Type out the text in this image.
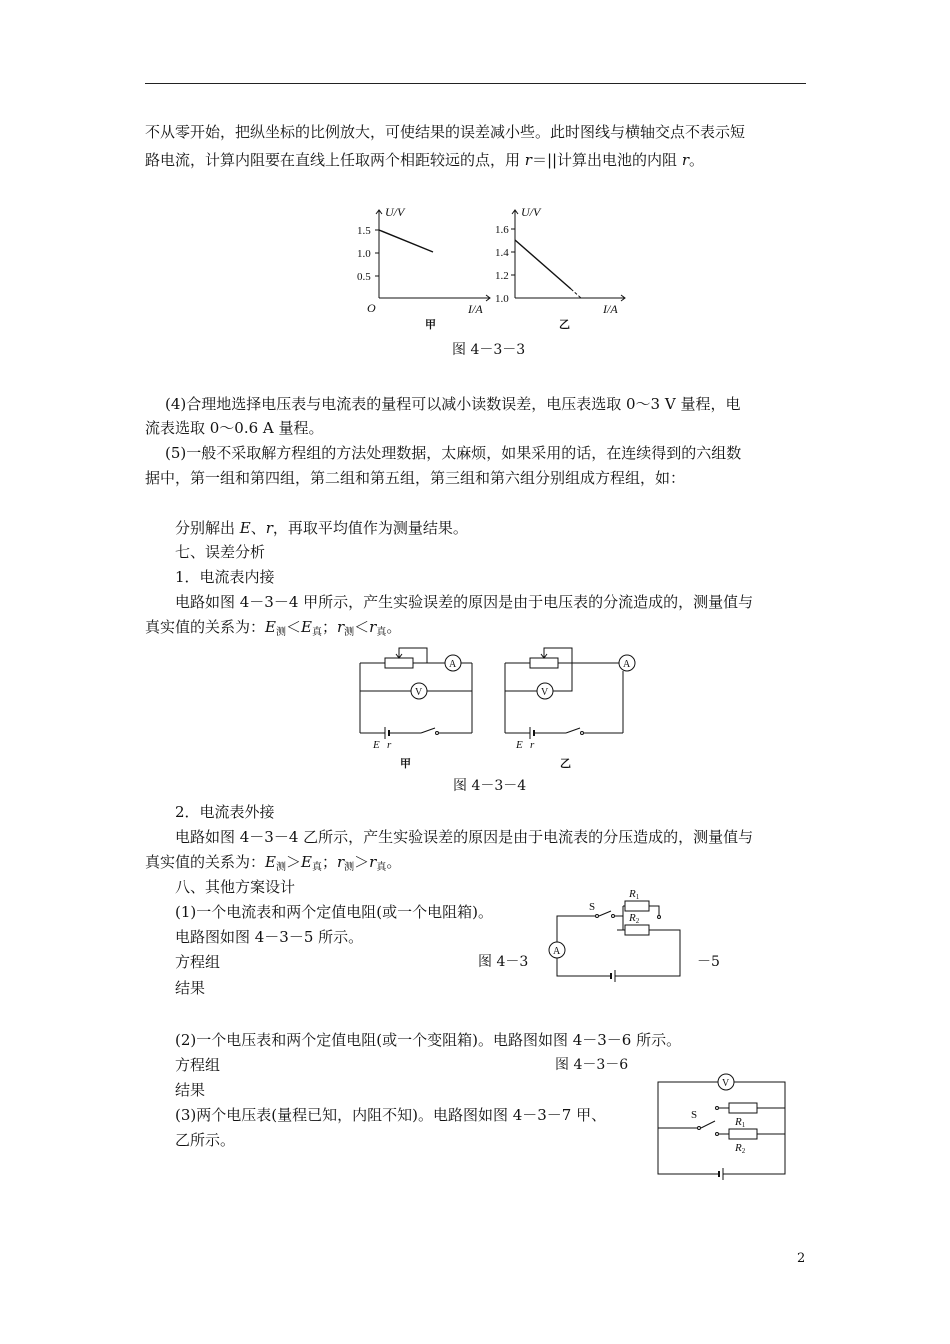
不从零开始，把纵坐标的比例放大，可使结果的误差减小些。此时图线与横轴交点不表示短
路电流，计算内阻要在直线上任取两个相距较远的点，用 r＝||计算出电池的内阻 r。
U/V
I/A
O
1.5
1.0
0.5
甲
U/V
I/A
1.6
1.4
1.2
1.0
乙
图 4－3－3
(4)合理地选择电压表与电流表的量程可以减小读数误差，电压表选取 0～3 V 量程，电
流表选取 0～0.6 A 量程。
(5)一般不采取解方程组的方法处理数据，太麻烦，如果采用的话，在连续得到的六组数
据中，第一组和第四组，第二组和第五组，第三组和第六组分别组成方程组，如：
分别解出 E、r，再取平均值作为测量结果。
七、误差分析
1．电流表内接
电路如图 4－3－4 甲所示，产生实验误差的原因是由于电压表的分流造成的，测量值与
真实值的关系为：$E_测<E_真$；$r_测<r_真$。
A
V
E r
甲
A
V
E r
乙
图 4－3－4
2．电流表外接
电路如图 4－3－4 乙所示，产生实验误差的原因是由于电流表的分压造成的，测量值与
真实值的关系为：$E_测>E_真$；$r_测>r_真$。
八、其他方案设计
(1)一个电流表和两个定值电阻(或一个电阻箱)。
电路图如图 4－3－5 所示。
方程组	图 4－3	－5
结果
A
S
R1
R2
(2)一个电压表和两个定值电阻(或一个变阻箱)。电路图如图 4－3－6 所示。
方程组	图 4－3－6
结果
(3)两个电压表(量程已知，内阻不知)。电路图如图 4－3－7 甲、
乙所示。
V
S
R1
R2
2
